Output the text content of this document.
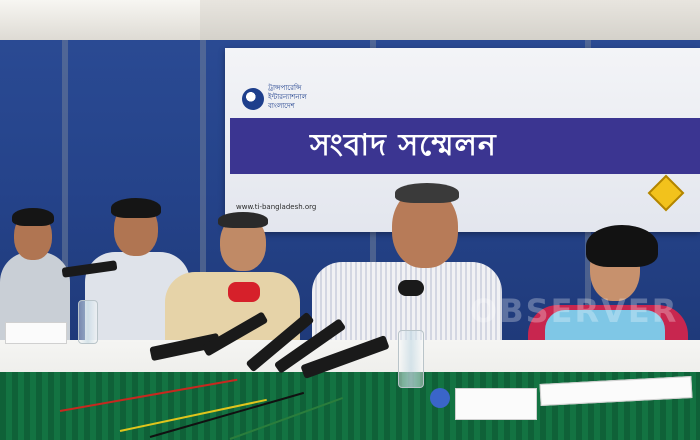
ট্রান্সপারেন্সি
ইন্টারন্যাশনাল
বাংলাদেশ
সংবাদ সম্মেলন
www.ti-bangladesh.org
OBSERVER
